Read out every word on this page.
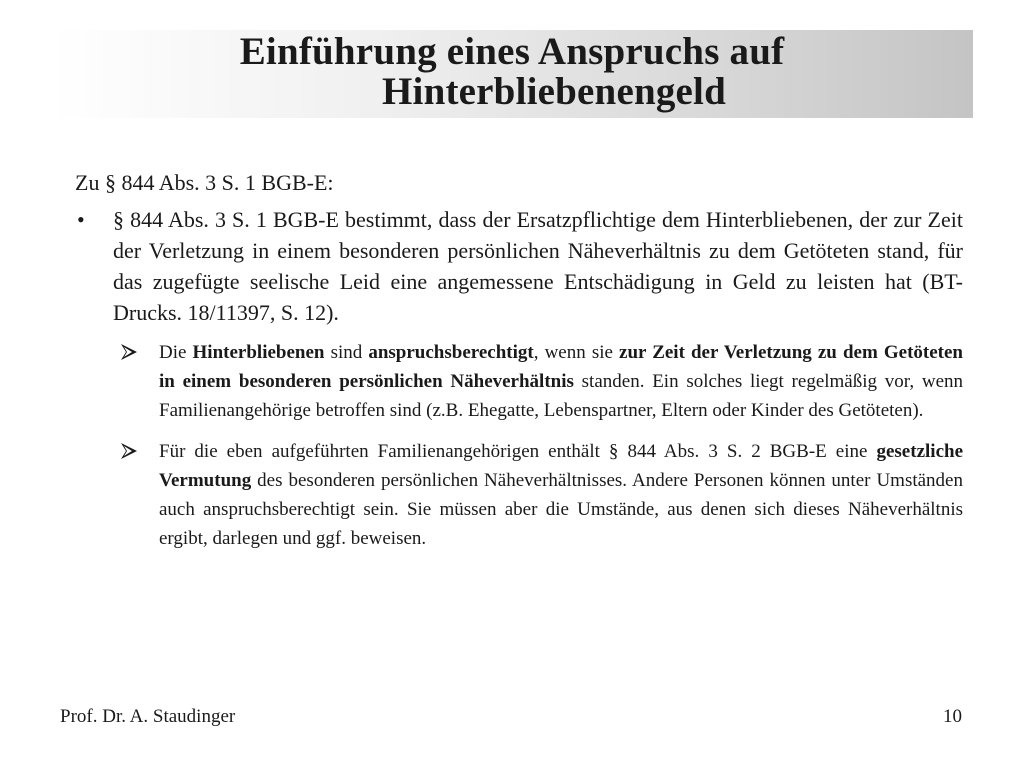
Einführung eines Anspruchs auf
Hinterbliebenengeld
Zu § 844 Abs. 3 S. 1 BGB-E:
• § 844 Abs. 3 S. 1 BGB-E bestimmt, dass der Ersatzpflichtige dem Hinterbliebenen, der zur Zeit der Verletzung in einem besonderen persönlichen Näheverhältnis zu dem Getöteten stand, für das zugefügte seelische Leid eine angemessene Entschädigung in Geld zu leisten hat (BT-Drucks. 18/11397, S. 12).
Die Hinterbliebenen sind anspruchsberechtigt, wenn sie zur Zeit der Verletzung zu dem Getöteten in einem besonderen persönlichen Näheverhältnis standen. Ein solches liegt regelmäßig vor, wenn Familienangehörige betroffen sind (z.B. Ehegatte, Lebenspartner, Eltern oder Kinder des Getöteten).
Für die eben aufgeführten Familienangehörigen enthält § 844 Abs. 3 S. 2 BGB-E eine gesetzliche Vermutung des besonderen persönlichen Näheverhältnisses. Andere Personen können unter Umständen auch anspruchsberechtigt sein. Sie müssen aber die Umstände, aus denen sich dieses Näheverhältnis ergibt, darlegen und ggf. beweisen.
Prof. Dr. A. Staudinger	10
